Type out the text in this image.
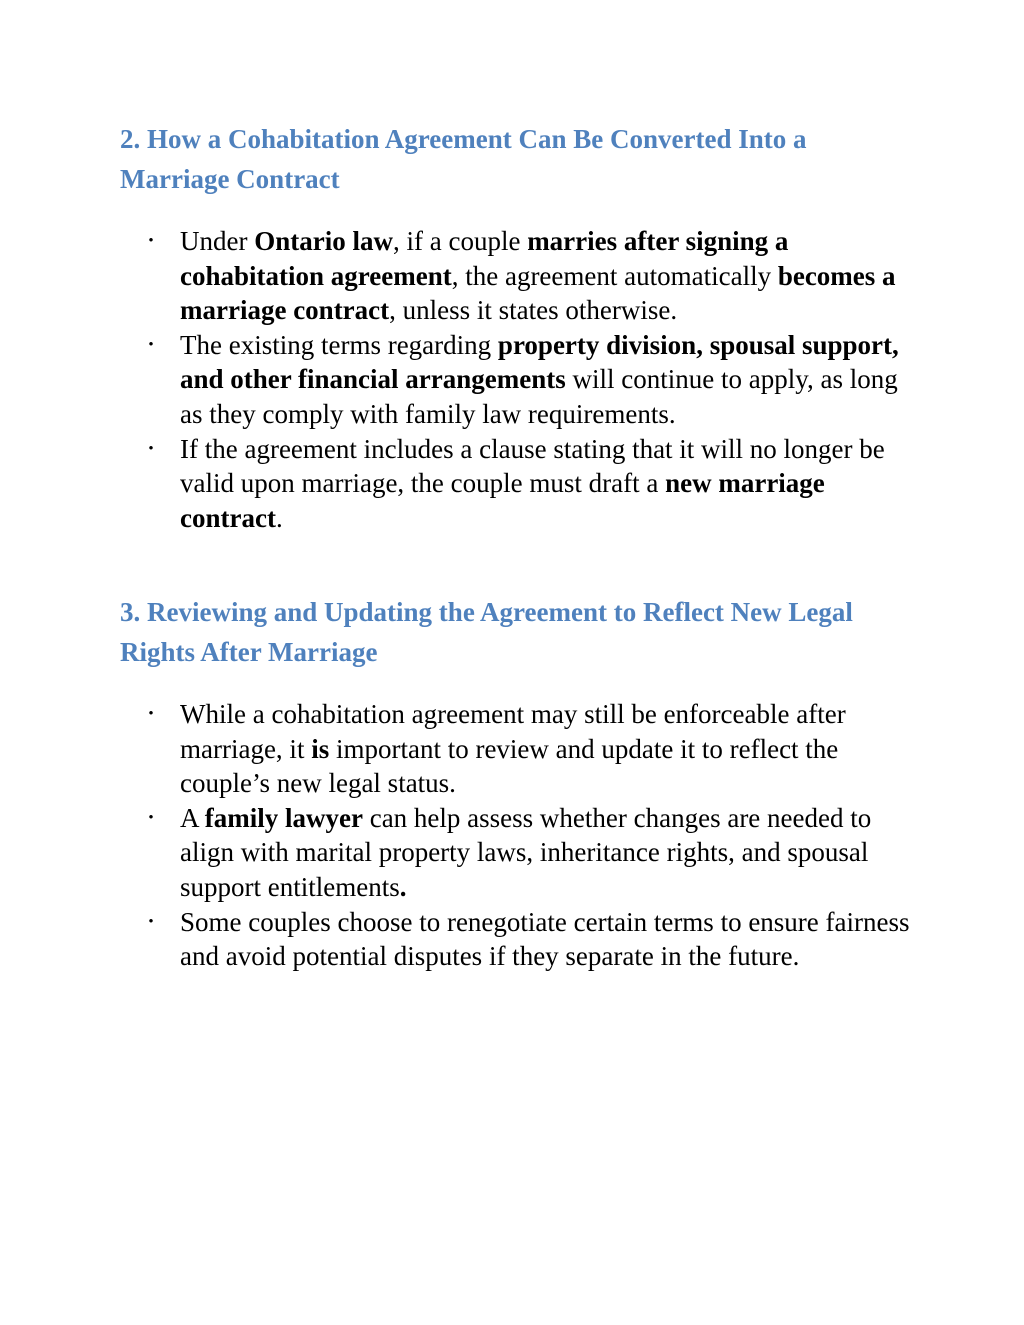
2. How a Cohabitation Agreement Can Be Converted Into a Marriage Contract
• Under Ontario law, if a couple marries after signing a cohabitation agreement, the agreement automatically becomes a marriage contract, unless it states otherwise.
• The existing terms regarding property division, spousal support, and other financial arrangements will continue to apply, as long as they comply with family law requirements.
• If the agreement includes a clause stating that it will no longer be valid upon marriage, the couple must draft a new marriage contract.
3. Reviewing and Updating the Agreement to Reflect New Legal Rights After Marriage
• While a cohabitation agreement may still be enforceable after marriage, it is important to review and update it to reflect the couple’s new legal status.
• A family lawyer can help assess whether changes are needed to align with marital property laws, inheritance rights, and spousal support entitlements.
• Some couples choose to renegotiate certain terms to ensure fairness and avoid potential disputes if they separate in the future.
